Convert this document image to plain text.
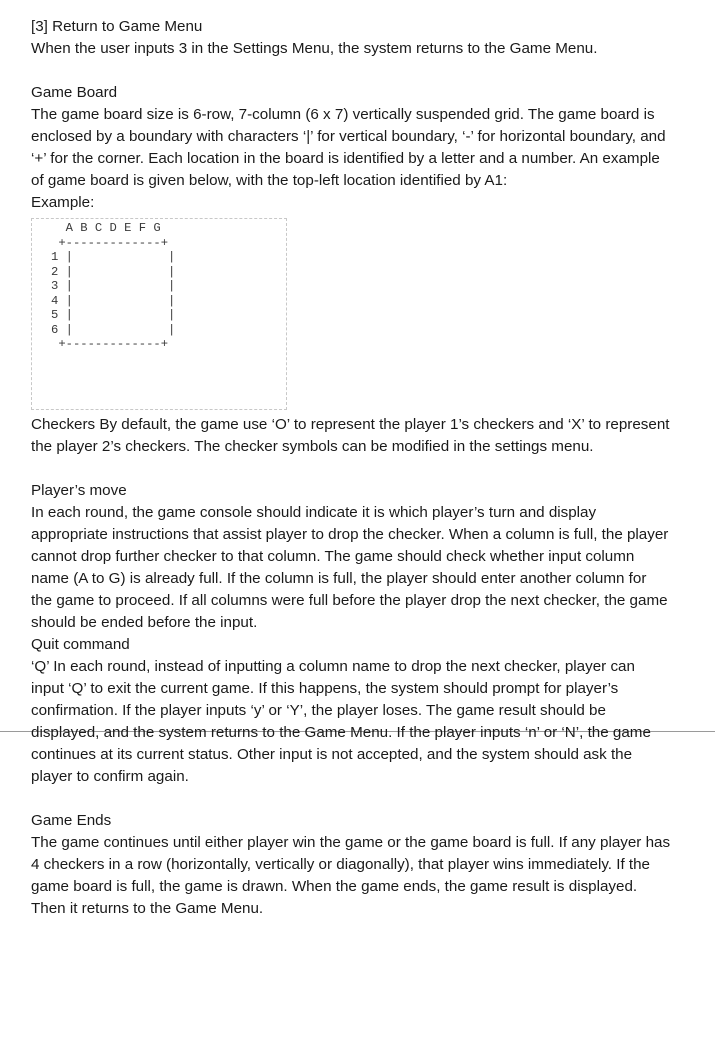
[3] Return to Game Menu

When the user inputs 3 in the Settings Menu, the system returns to the Game Menu.

Game Board

The game board size is 6-row, 7-column (6 x 7) vertically suspended grid. The game board is enclosed by a boundary with characters ‘|’ for vertical boundary, ‘-’ for horizontal boundary, and ‘+’ for the corner. Each location in the board is identified by a letter and a number. An example of game board is given below, with the top-left location identified by A1:

Example:

A B C D E F G
+-------------+
1 |             |
2 |             |
3 |             |
4 |             |
5 |             |
6 |             |
+-------------+

Checkers By default, the game use ‘O’ to represent the player 1’s checkers and ‘X’ to represent the player 2’s checkers. The checker symbols can be modified in the settings menu.

Player’s move

In each round, the game console should indicate it is which player’s turn and display appropriate instructions that assist player to drop the checker. When a column is full, the player cannot drop further checker to that column. The game should check whether input column name (A to G) is already full. If the column is full, the player should enter another column for the game to proceed. If all columns were full before the player drop the next checker, the game should be ended before the input.

Quit command

‘Q’ In each round, instead of inputting a column name to drop the next checker, player can input ‘Q’ to exit the current game. If this happens, the system should prompt for player’s confirmation. If the player inputs ‘y’ or ‘Y’, the player loses. The game result should be displayed, and the system returns to the Game Menu. If the player inputs ‘n’ or ‘N’, the game continues at its current status. Other input is not accepted, and the system should ask the player to confirm again.

Game Ends

The game continues until either player win the game or the game board is full. If any player has 4 checkers in a row (horizontally, vertically or diagonally), that player wins immediately. If the game board is full, the game is drawn. When the game ends, the game result is displayed. Then it returns to the Game Menu.
